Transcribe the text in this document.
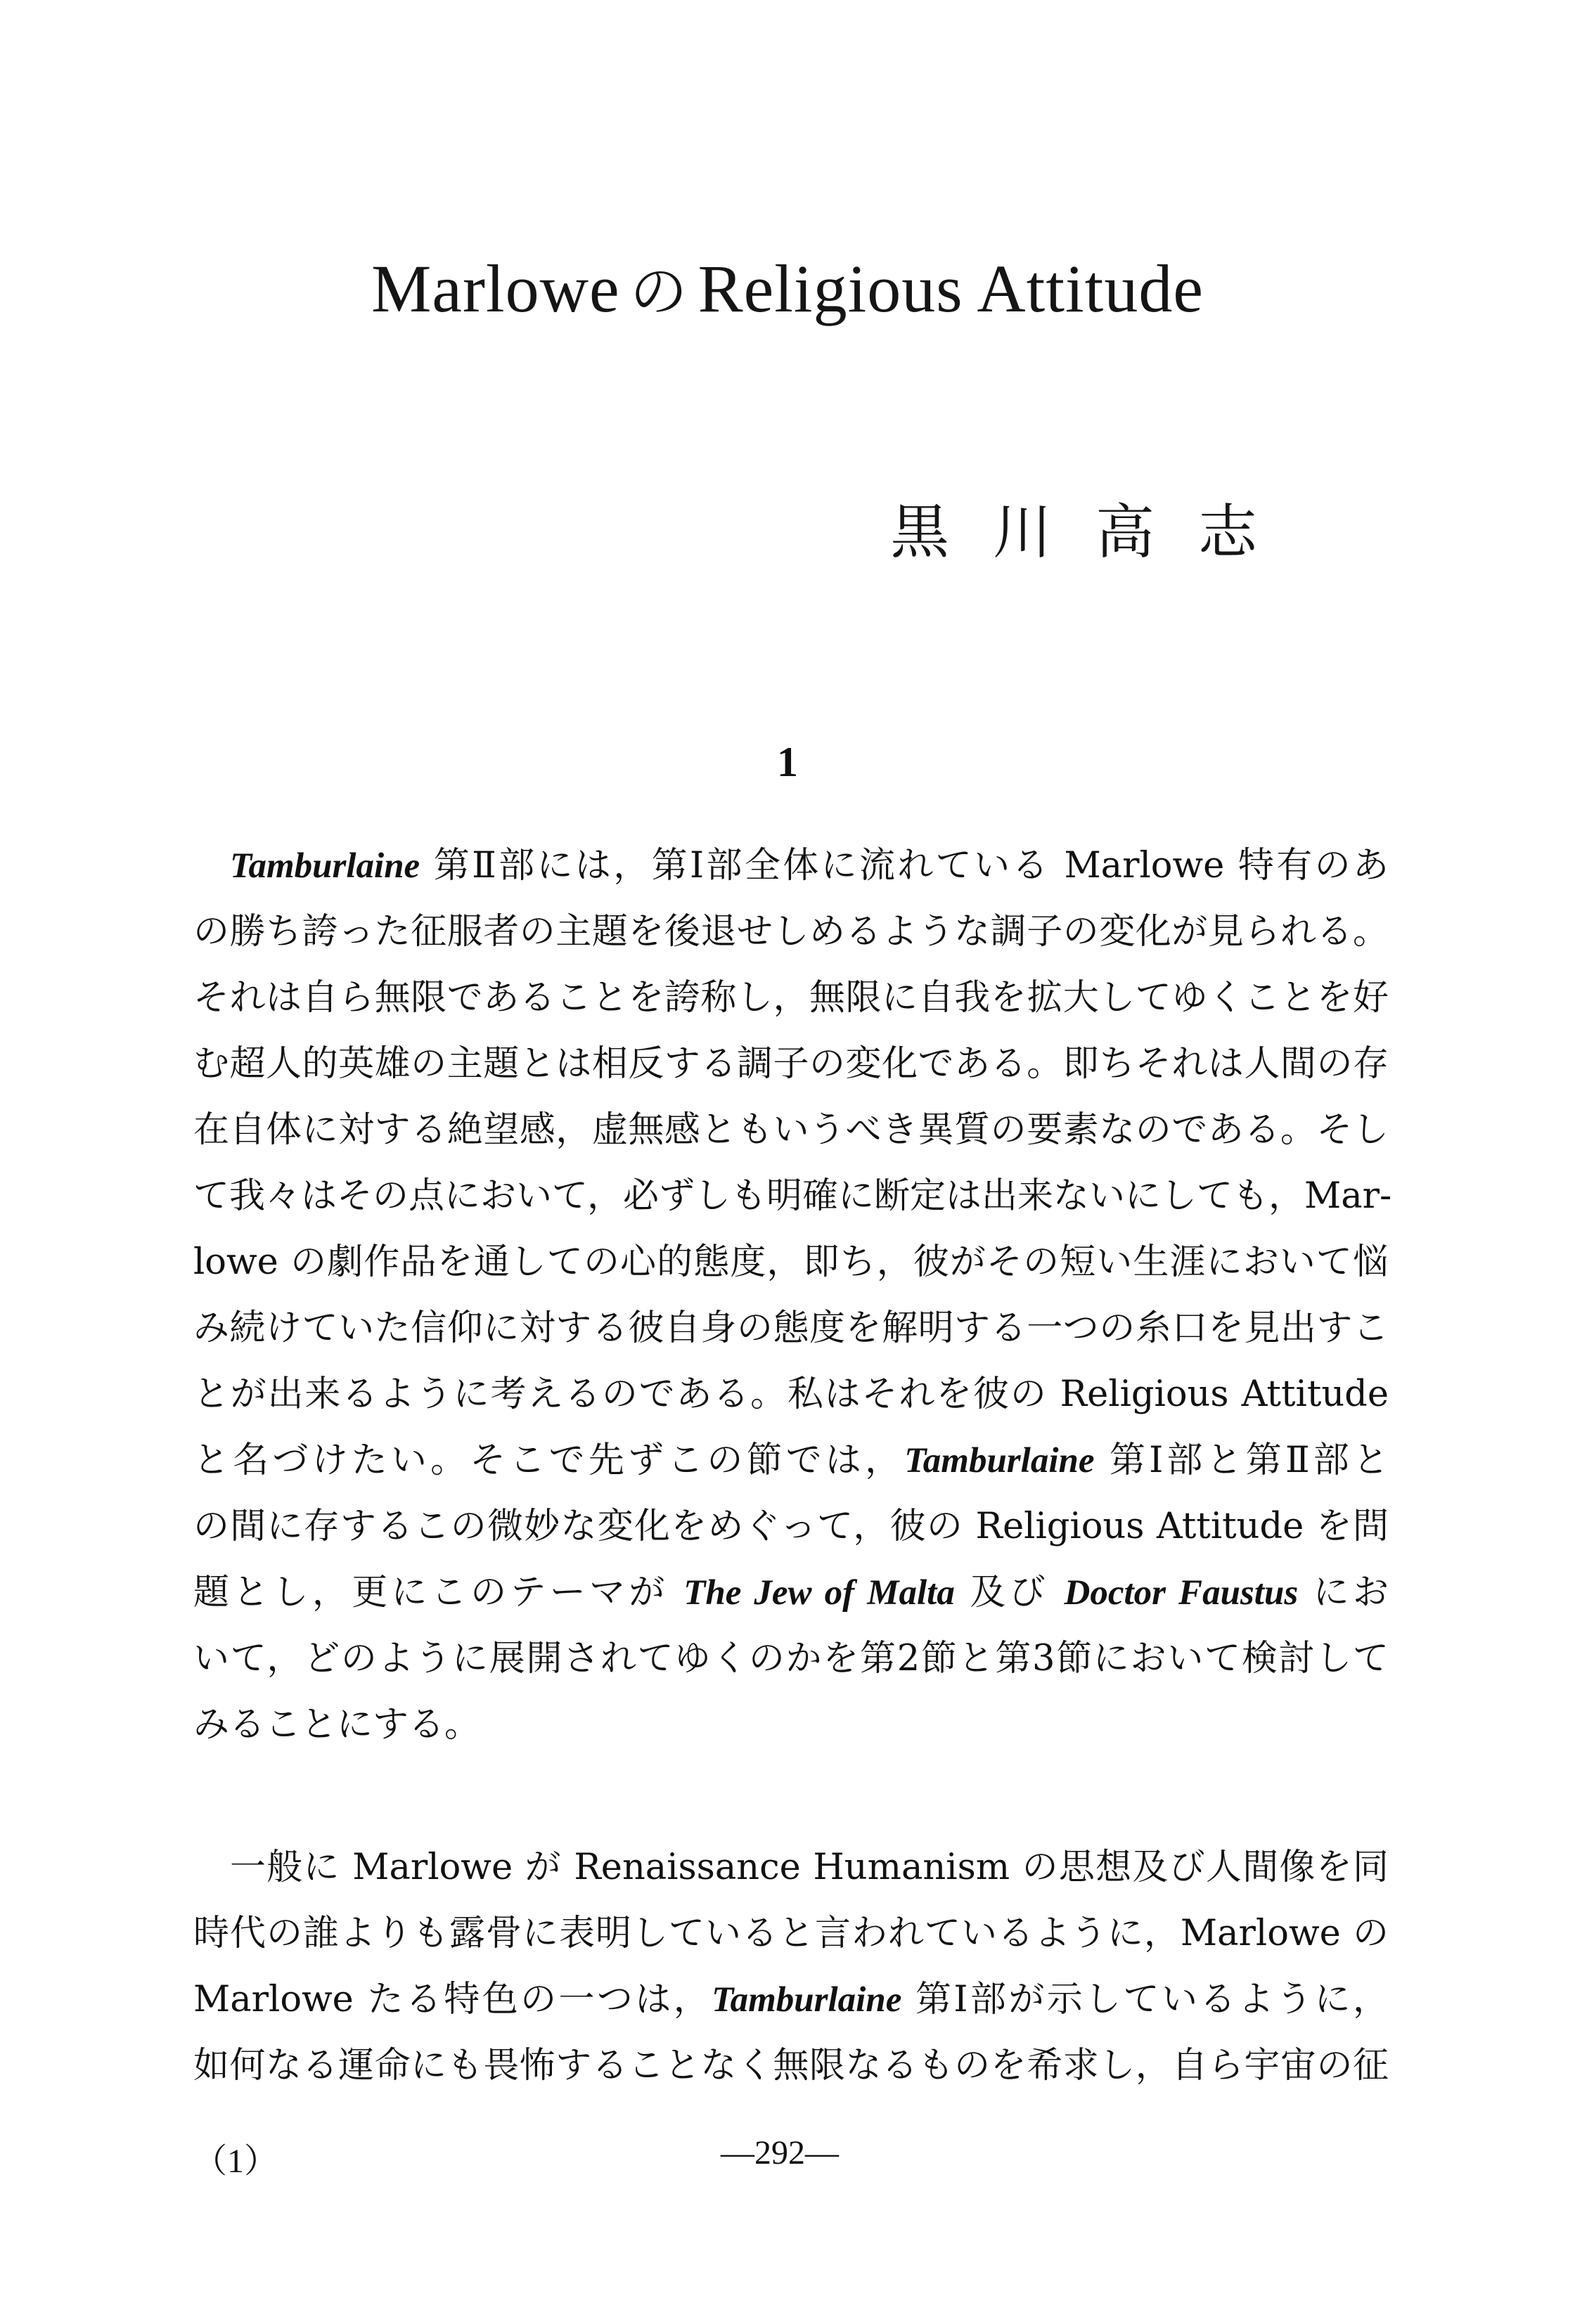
Marlowe の Religious Attitude
黒川高志
1
Tamburlaine 第Ⅱ部には，第Ⅰ部全体に流れている Marlowe 特有のあ
の勝ち誇った征服者の主題を後退せしめるような調子の変化が見られる。
それは自ら無限であることを誇称し，無限に自我を拡大してゆくことを好
む超人的英雄の主題とは相反する調子の変化である。即ちそれは人間の存
在自体に対する絶望感，虚無感ともいうべき異質の要素なのである。そし
て我々はその点において，必ずしも明確に断定は出来ないにしても，Mar-
lowe の劇作品を通しての心的態度，即ち，彼がその短い生涯において悩
み続けていた信仰に対する彼自身の態度を解明する一つの糸口を見出すこ
とが出来るように考えるのである。私はそれを彼の Religious Attitude
と名づけたい。そこで先ずこの節では，Tamburlaine 第Ⅰ部と第Ⅱ部と
の間に存するこの微妙な変化をめぐって，彼の Religious Attitude を問
題とし，更にこのテーマが The Jew of Malta 及び Doctor Faustus にお
いて，どのように展開されてゆくのかを第2節と第3節において検討して
みることにする。
一般に Marlowe が Renaissance Humanism の思想及び人間像を同
時代の誰よりも露骨に表明していると言われているように，Marlowe の
Marlowe たる特色の一つは，Tamburlaine 第Ⅰ部が示しているように，
如何なる運命にも畏怖することなく無限なるものを希求し，自ら宇宙の征
（1）	—292—
